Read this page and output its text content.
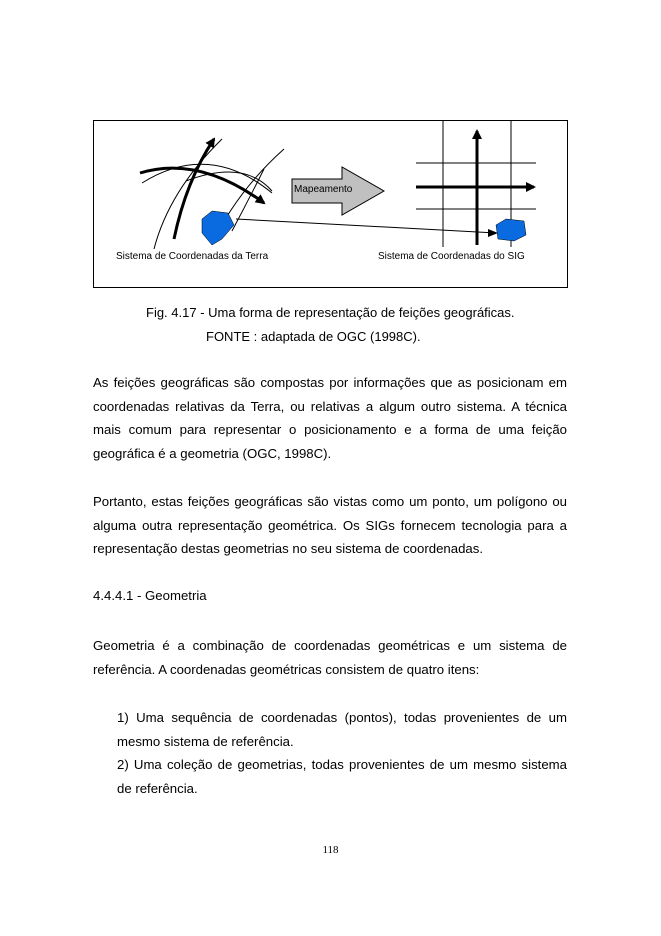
Mapeamento
Sistema de Coordenadas da Terra	Sistema de Coordenadas do SIG
Fig. 4.17 - Uma forma de representação de feições geográficas.
FONTE : adaptada de OGC (1998C).

As feições geográficas são compostas por informações que as posicionam em coordenadas relativas da Terra, ou relativas a algum outro sistema. A técnica mais comum para representar o posicionamento e a forma de uma feição geográfica é a geometria (OGC, 1998C).

Portanto, estas feições geográficas são vistas como um ponto, um polígono ou alguma outra representação geométrica. Os SIGs fornecem tecnologia para a representação destas geometrias no seu sistema de coordenadas.

4.4.4.1 - Geometria

Geometria é a combinação de coordenadas geométricas e um sistema de referência. A coordenadas geométricas consistem de quatro itens:

1) Uma sequência de coordenadas (pontos), todas provenientes de um mesmo sistema de referência.

2) Uma coleção de geometrias, todas provenientes de um mesmo sistema de referência.

118
